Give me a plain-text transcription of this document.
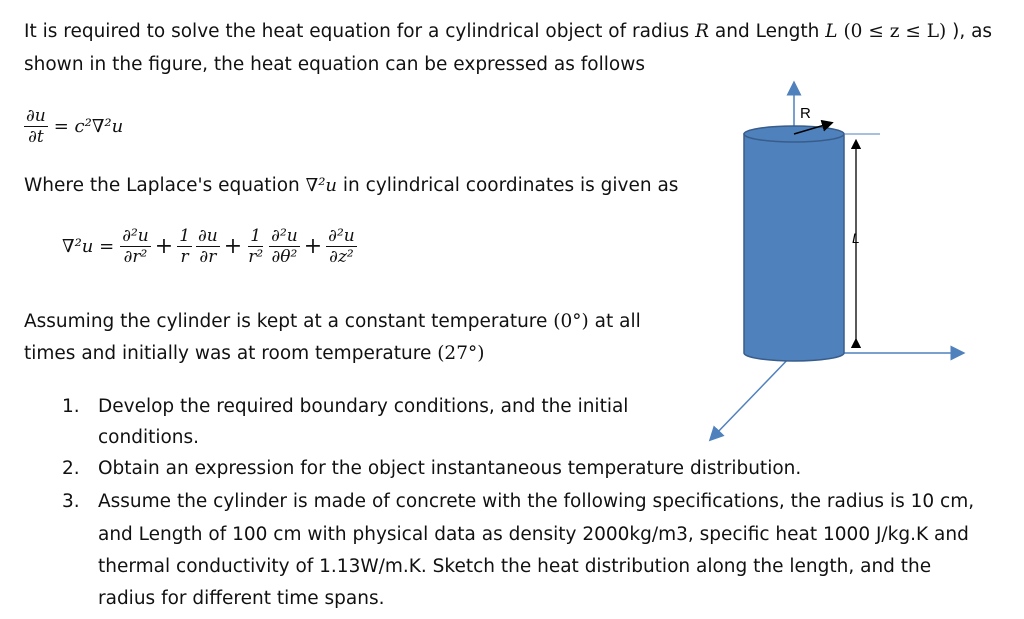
It is required to solve the heat equation for a cylindrical object of radius R and Length L (0 ≤ z ≤ L) ), as
shown in the figure, the heat equation can be expressed as follows
$\frac{\partial u}{\partial t} = c^2\nabla^2u$
Where the Laplace's equation ∇²u in cylindrical coordinates is given as
$\nabla^2u = \frac{\text{∂²u}}{\text{∂r²}} + \frac{1}{r} \frac{\partial u}{\partial r} + \frac{1}{\text{r²}} \frac{\text{∂²u}}{\text{∂θ²}} + \frac{\text{∂²u}}{\text{∂z²}}$
Assuming the cylinder is kept at a constant temperature (0°) at all
times and initially was at room temperature (27°)
1. Develop the required boundary conditions, and the initial
conditions.
2. Obtain an expression for the object instantaneous temperature distribution.
3. Assume the cylinder is made of concrete with the following specifications, the radius is 10 cm,
and Length of 100 cm with physical data as density 2000kg/m3, specific heat 1000 J/kg.K and
thermal conductivity of 1.13W/m.K. Sketch the heat distribution along the length, and the
radius for different time spans.
R
L
